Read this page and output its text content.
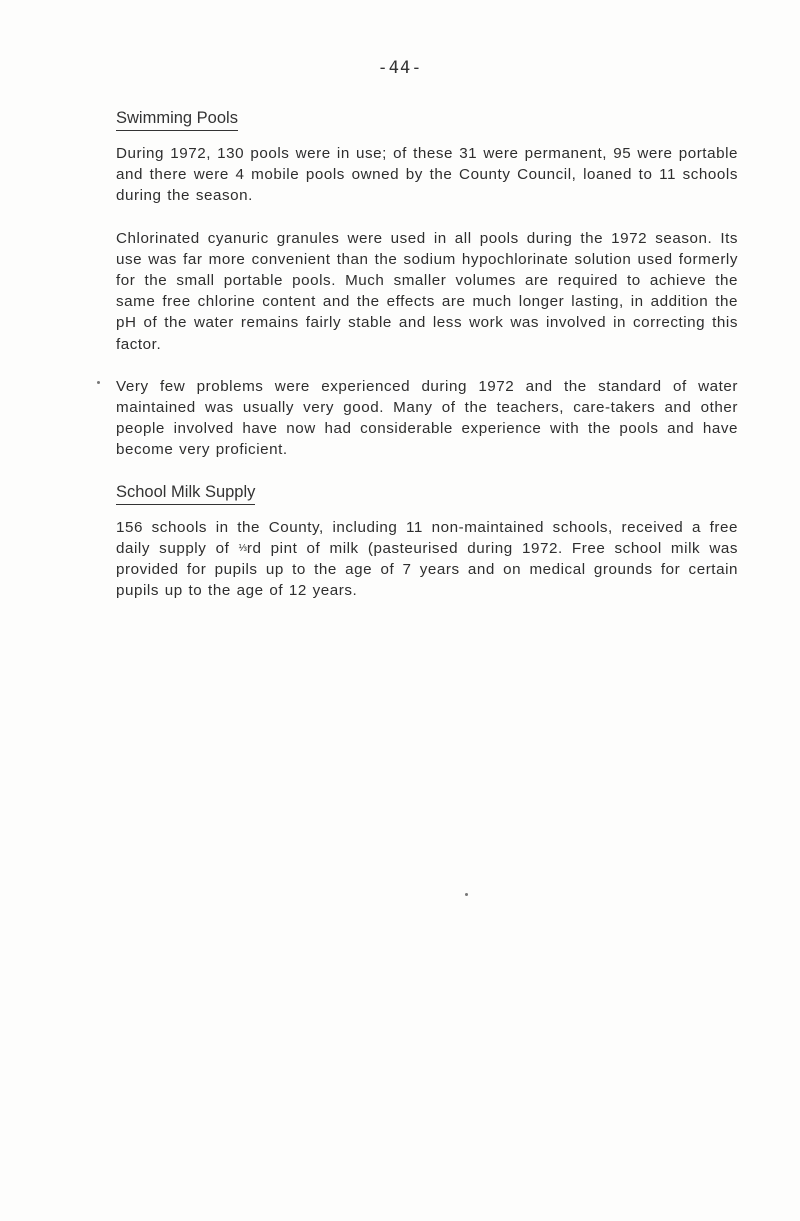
-44-
Swimming Pools

During 1972, 130 pools were in use; of these 31 were permanent, 95 were portable and there were 4 mobile pools owned by the County Council, loaned to 11 schools during the season.

Chlorinated cyanuric granules were used in all pools during the 1972 season. Its use was far more convenient than the sodium hypochlorinate solution used formerly for the small portable pools. Much smaller volumes are required to achieve the same free chlorine content and the effects are much longer lasting, in addition the pH of the water remains fairly stable and less work was involved in correcting this factor.

Very few problems were experienced during 1972 and the standard of water maintained was usually very good. Many of the teachers, care-takers and other people involved have now had considerable experience with the pools and have become very proficient.

School Milk Supply

156 schools in the County, including 11 non-maintained schools, received a free daily supply of ⅓rd pint of milk (pasteurised during 1972. Free school milk was provided for pupils up to the age of 7 years and on medical grounds for certain pupils up to the age of 12 years.
